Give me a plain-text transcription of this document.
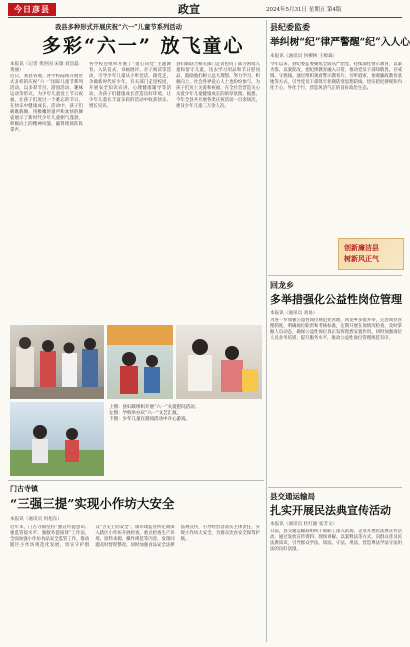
今日彦县	政宣	2024年5月31日 星期五 第4版
我县多种形式开展庆祝“六一”儿童节系列活动
多彩“六一” 放飞童心
本报讯（记者 黄洪国 宋瑜 刘昌磊 黄丽）
近日，我县各地、各学校陆续开展形式多样的庆祝“六一”国际儿童节系列活动，以多彩节目、游园活动、趣味运动等形式，为少年儿童送上节日祝福，让孩子们度过一个难忘的节日，在快乐中健康成长。活动中，孩子们载歌载舞，用稚嫩的童声和欢快的舞姿展示了新时代少年儿童朝气蓬勃、积极向上的精神风貌，赢得现场阵阵掌声。
各学校还组织开展了“童心向党”主题教育、入队仪式、书画展评、亲子阅读等活动，引导少年儿童从小听党话、跟党走，争做新时代好少年。有关部门走进校园，开展安全知识宣讲、心理健康辅导等活动，为孩子们健康成长营造良好环境，让少年儿童在丰富多彩的活动中收获快乐、增长见识。
县妇联联合相关部门走访慰问了部分困境儿童和留守儿童，送去学习用品和节日慰问品，鼓励他们树立远大理想，努力学习、积极向上。社会各界爱心人士也纷纷参与，为孩子们送上关爱和祝福，在全社会营造关心关爱少年儿童健康成长的浓厚氛围。据悉，今年全县共开展各类庆祝活动一百余场次，惠及少年儿童三万余人次。
上图：县妇联组织开展“六一”关爱慰问活动。
左图：学校举办庆“六一”文艺汇演。
下图：少年儿童在游园活动中开心游戏。
门古寺镇
“三强三提”实现小作坊大安全
本报讯（通讯员 何旭东）
近年来，门古寺镇坚持“强宣传提意识、强监管提水平、强服务提质效”工作法，全面加强小作坊食品安全监管工作，推动辖区小作坊规范化发展，切实守护群众“舌尖上的安全”。镇市场监管所定期深入辖区小作坊开展检查，重点检查生产环境、原料来源、操作规范等内容，发现问题及时督促整改，同时加强食品安全法律法规宣传，引导经营者落实主体责任，实现小作坊大安全，为群众饮食安全保驾护航。
县纪委监委
举纠树“纪”律严警醒“纪”入人心
本报讯（通讯员 何柳林 王樟森）
今年以来，县纪委监委聚焦全面从严治党，持续深化警示教育，以案为鉴、以案促改，把纪律教育融入日常，推动党员干部知敬畏、存戒惧、守底线。通过组织观看警示教育片、旁听庭审、参观廉政教育基地等方式，引导党员干部筑牢拒腐防变思想防线，切实把纪律规矩内化于心、外化于行，营造风清气正的良好政治生态。
创新廉洁县
树新风正气
回龙乡
多举措强化公益性岗位管理
本报讯（通讯员 刘易）
为进一步加强公益性岗位规范化管理，回龙乡多措并举，完善岗位管理制度，明确岗位职责和考核标准，定期开展在岗情况检查，及时掌握人员动态，确保公益性岗位真正发挥兜底安置作用。同时加强岗位人员业务培训，提升服务水平，推动公益性岗位管理规范有序。
县交通运输局
扎实开展民法典宣传活动
本报讯（通讯员 杜红媛 张芳文）
日前，县交通运输局组织干部职工深入站场、企业开展民法典宣传活动，通过发放宣传资料、现场讲解、以案释法等方式，向群众普及民法典知识，引导群众学法、知法、守法、用法，营造尊法学法守法用法的良好氛围。
